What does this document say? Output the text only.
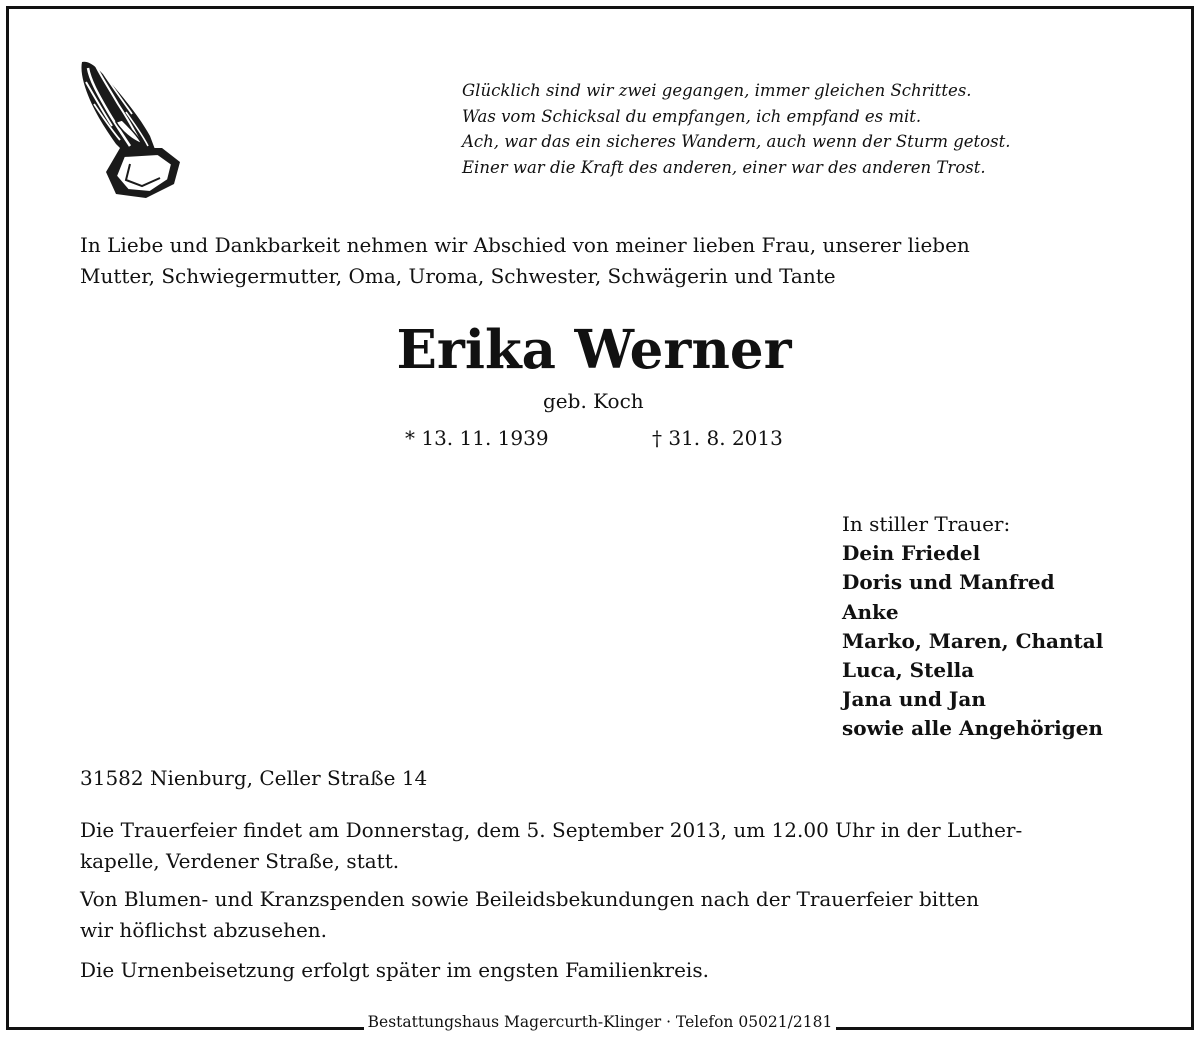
Glücklich sind wir zwei gegangen, immer gleichen Schrittes.
Was vom Schicksal du empfangen, ich empfand es mit.
Ach, war das ein sicheres Wandern, auch wenn der Sturm getost.
Einer war die Kraft des anderen, einer war des anderen Trost.
In Liebe und Dankbarkeit nehmen wir Abschied von meiner lieben Frau, unserer lieben
Mutter, Schwiegermutter, Oma, Uroma, Schwester, Schwägerin und Tante
Erika Werner
geb. Koch
* 13. 11. 1939	† 31. 8. 2013
In stiller Trauer:
Dein Friedel
Doris und Manfred
Anke
Marko, Maren, Chantal
Luca, Stella
Jana und Jan
sowie alle Angehörigen
31582 Nienburg, Celler Straße 14
Die Trauerfeier findet am Donnerstag, dem 5. September 2013, um 12.00 Uhr in der Luther-
kapelle, Verdener Straße, statt.
Von Blumen- und Kranzspenden sowie Beileidsbekundungen nach der Trauerfeier bitten
wir höflichst abzusehen.
Die Urnenbeisetzung erfolgt später im engsten Familienkreis.
Bestattungshaus Magercurth-Klinger · Telefon 05021/2181
